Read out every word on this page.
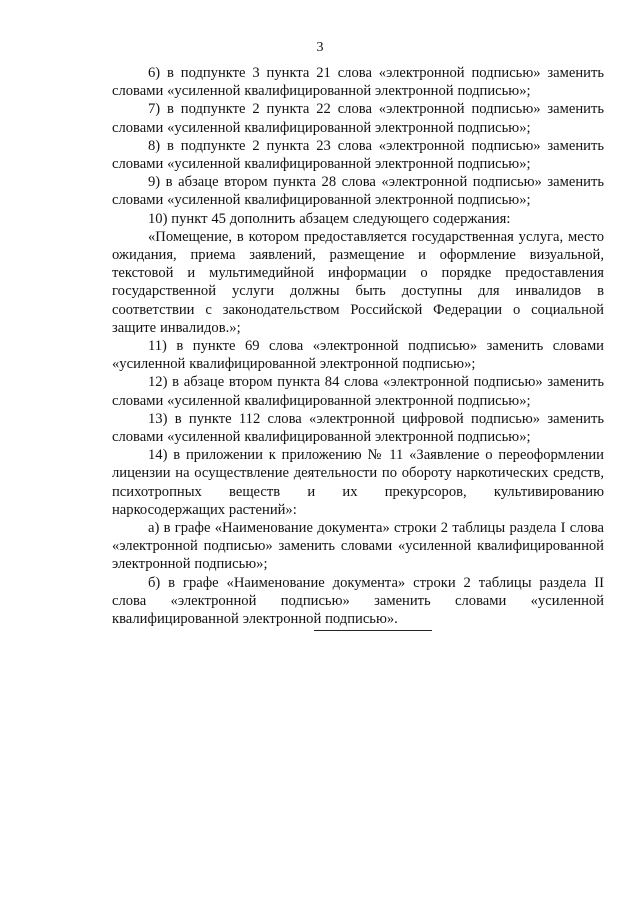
3

6) в подпункте 3 пункта 21 слова «электронной подписью» заменить словами «усиленной квалифицированной электронной подписью»;

7) в подпункте 2 пункта 22 слова «электронной подписью» заменить словами «усиленной квалифицированной электронной подписью»;

8) в подпункте 2 пункта 23 слова «электронной подписью» заменить словами «усиленной квалифицированной электронной подписью»;

9) в абзаце втором пункта 28 слова «электронной подписью» заменить словами «усиленной квалифицированной электронной подписью»;

10) пункт 45 дополнить абзацем следующего содержания:

«Помещение, в котором предоставляется государственная услуга, место ожидания, приема заявлений, размещение и оформление визуальной, текстовой и мультимедийной информации о порядке предоставления государственной услуги должны быть доступны для инвалидов в соответствии с законодательством Российской Федерации о социальной защите инвалидов.»;

11) в пункте 69 слова «электронной подписью» заменить словами «усиленной квалифицированной электронной подписью»;

12) в абзаце втором пункта 84 слова «электронной подписью» заменить словами «усиленной квалифицированной электронной подписью»;

13) в пункте 112 слова «электронной цифровой подписью» заменить словами «усиленной квалифицированной электронной подписью»;

14) в приложении к приложению № 11 «Заявление о переоформлении лицензии на осуществление деятельности по обороту наркотических средств, психотропных веществ и их прекурсоров, культивированию наркосодержащих растений»:

а) в графе «Наименование документа» строки 2 таблицы раздела I слова «электронной подписью» заменить словами «усиленной квалифицированной электронной подписью»;

б) в графе «Наименование документа» строки 2 таблицы раздела II слова «электронной подписью» заменить словами «усиленной квалифицированной электронной подписью».
